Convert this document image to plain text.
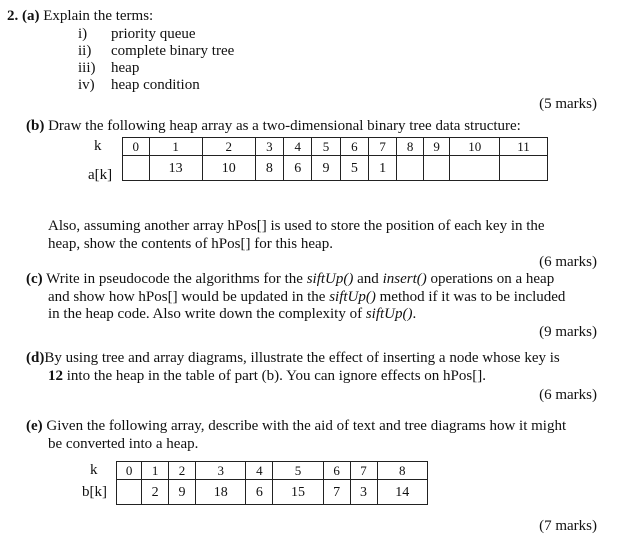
2. (a) Explain the terms:
i) priority queue
ii) complete binary tree
iii) heap
iv) heap condition
(5 marks)
(b) Draw the following heap array as a two-dimensional binary tree data structure:
k
a[k]
0	1	2	3	4	5	6	7	8	9	10	11
	13	10	8	6	9	5	1				
Also, assuming another array hPos[] is used to store the position of each key in the
heap, show the contents of hPos[] for this heap.
(6 marks)
(c) Write in pseudocode the algorithms for the siftUp() and insert() operations on a heap
and show how hPos[] would be updated in the siftUp() method if it was to be included
in the heap code. Also write down the complexity of siftUp().
(9 marks)
(d)By using tree and array diagrams, illustrate the effect of inserting a node whose key is
12 into the heap in the table of part (b). You can ignore effects on hPos[].
(6 marks)
(e) Given the following array, describe with the aid of text and tree diagrams how it might
be converted into a heap.
k
b[k]
0	1	2	3	4	5	6	7	8
	2	9	18	6	15	7	3	14
(7 marks)
